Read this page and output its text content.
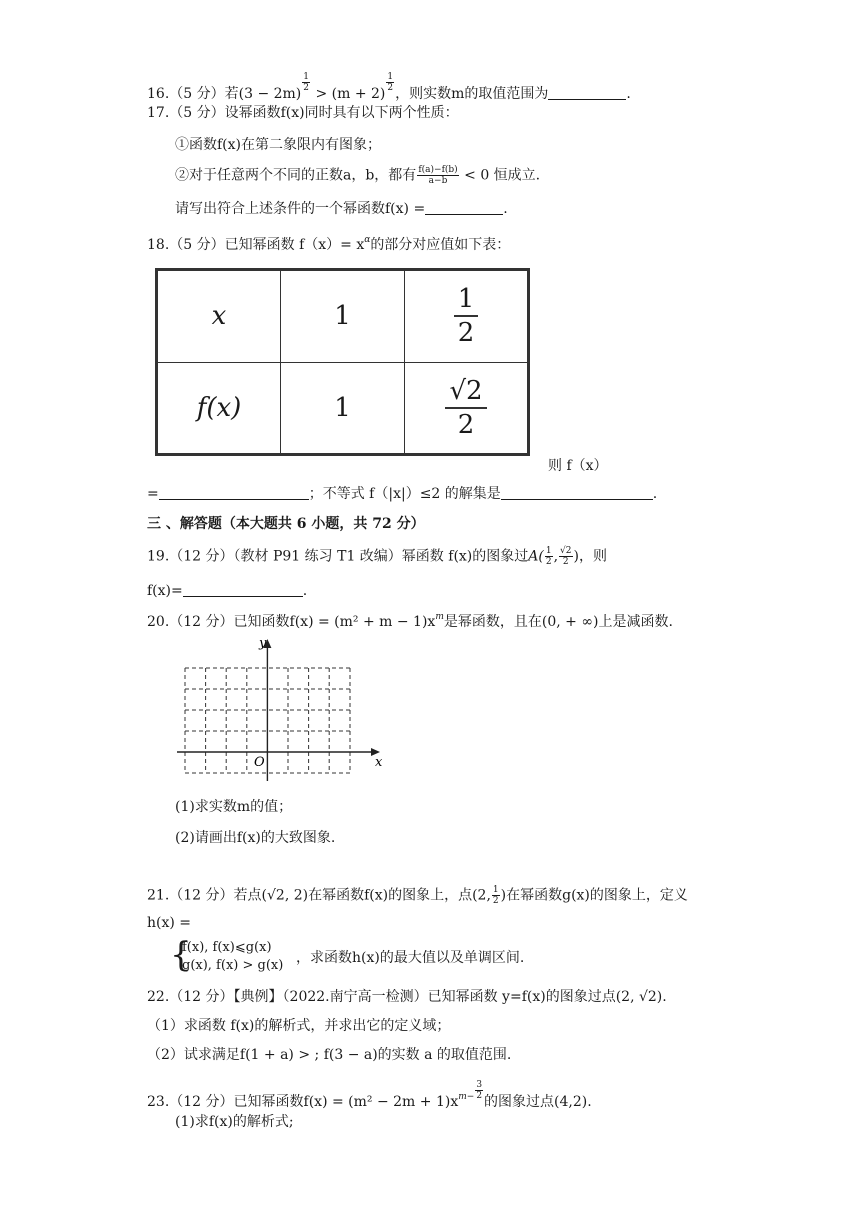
16.（5 分）若(3 − 2m)
$\frac{1}{2}$
> (m + 2)
$\frac{1}{2}$
，则实数m的取值范围为	.
17.（5 分）设幂函数f(x)同时具有以下两个性质：
①函数f(x)在第二象限内有图象；
②对于任意两个不同的正数a，b，都有 $\frac{f(a)-f(b)}{a-b} < 0$ 恒成立.
请写出符合上述条件的一个幂函数f(x) =	.
18.（5 分）已知幂函数 $f(x)= x^\alpha$的部分对应值如下表：
x	1	$\frac{1}{2}$

f(x)	1	$\frac{√2}{2}$
则 f（x）
=	；不等式 f（|x|）≤2 的解集是	.
三 、解答题（本大题共 6 小题，共 72 分）
19.（12 分）（教材 P91 练习 T1 改编）幂函数 f(x)的图象过$A( \frac{1}{2}$ , $\frac{√2}{2}$ )，则
f(x)=	.
20.（12 分）已知函数$f(x) = (m^2 + m - 1)x^m$是幂函数，且在(0, + ∞)上是减函数.
y
x
O
(1)求实数m的值；
(2)请画出f(x)的大致图象.
21.（12 分）若点(√2, 2)在幂函数f(x)的图象上，点(2, $\frac{1}{2}$ )在幂函数g(x)的图象上，定义
h(x) =
{
f(x), f(x)⩽g(x)
g(x), f(x) > g(x) ，求函数h(x)的最大值以及单调区间.
22.（12 分）【典例】（2022.南宁高一检测）已知幂函数 y=f(x)的图象过点(2, √2).
（1）求函数 f(x)的解析式，并求出它的定义域；
（2）试求满足f(1 + a) > ; f(3 − a)的实数 a 的取值范围.
23.（12 分）已知幂函数$f(x) = (m^2 - 2m + 1)x^{m-} \frac{3}{2}$
的图象过点(4,2).
(1)求f(x)的解析式;
